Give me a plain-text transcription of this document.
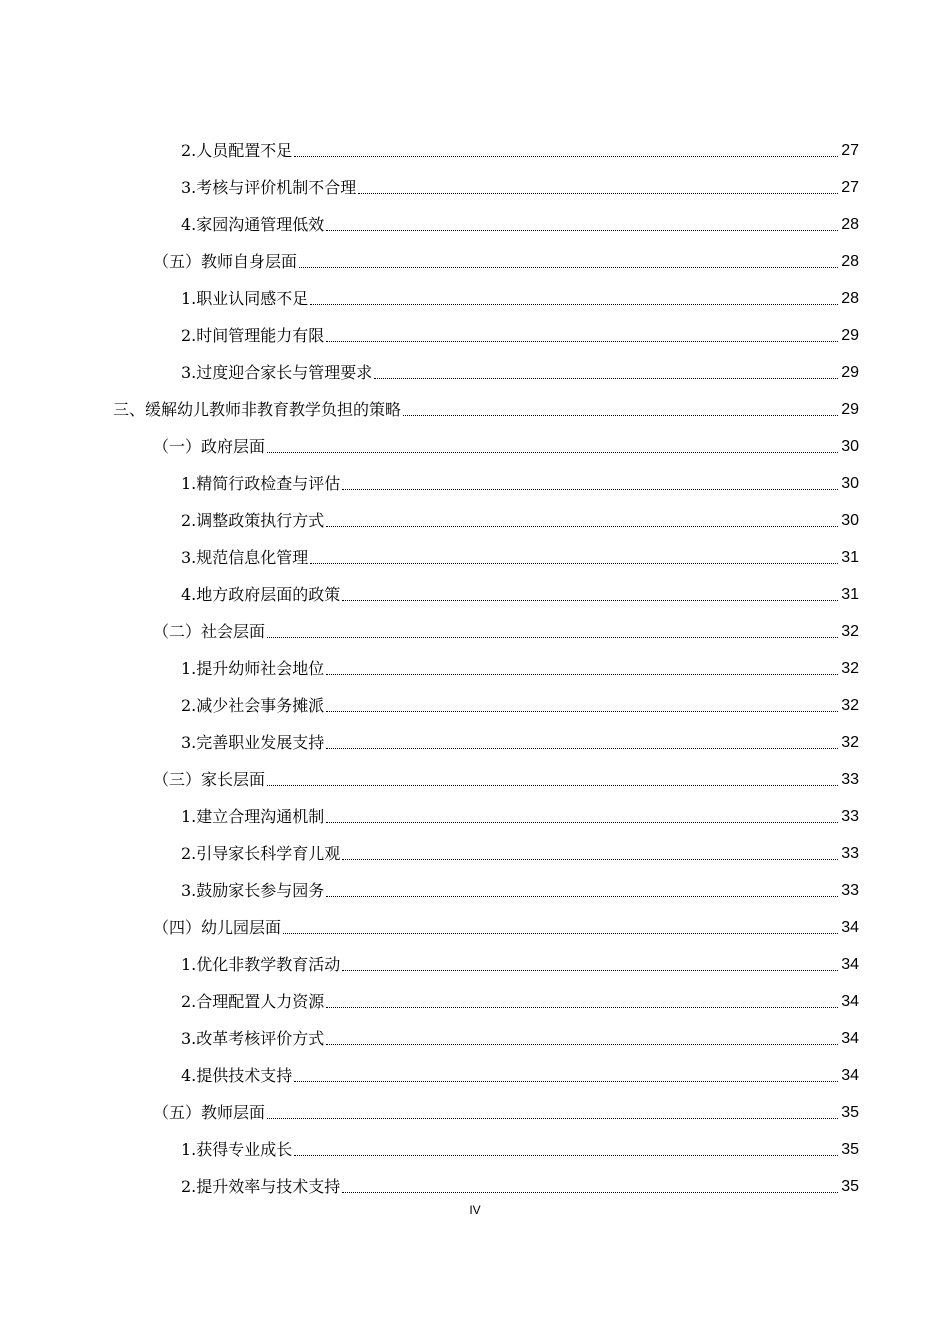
2.人员配置不足	27
3.考核与评价机制不合理	27
4.家园沟通管理低效	28
（五）教师自身层面	28
1.职业认同感不足	28
2.时间管理能力有限	29
3.过度迎合家长与管理要求	29
三、缓解幼儿教师非教育教学负担的策略	29
（一）政府层面	30
1.精简行政检查与评估	30
2.调整政策执行方式	30
3.规范信息化管理	31
4.地方政府层面的政策	31
（二）社会层面	32
1.提升幼师社会地位	32
2.减少社会事务摊派	32
3.完善职业发展支持	32
（三）家长层面	33
1.建立合理沟通机制	33
2.引导家长科学育儿观	33
3.鼓励家长参与园务	33
（四）幼儿园层面	34
1.优化非教学教育活动	34
2.合理配置人力资源	34
3.改革考核评价方式	34
4.提供技术支持	34
（五）教师层面	35
1.获得专业成长	35
2.提升效率与技术支持	35
IV
